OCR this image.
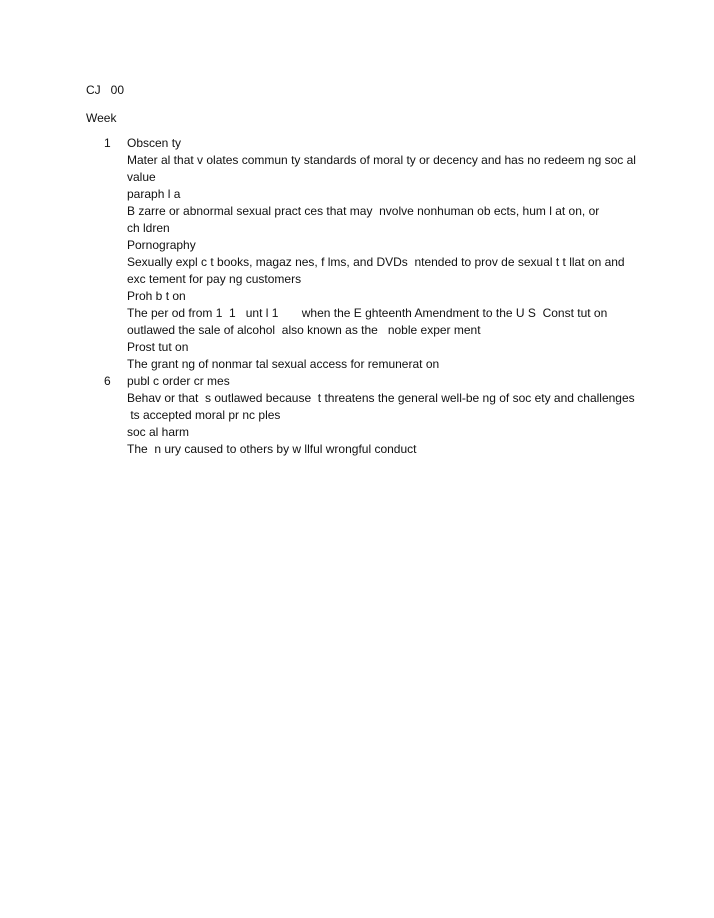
CJ   00
Week
1	Obscen ty
Mater al that v olates commun ty standards of moral ty or decency and has no redeem ng soc al
value
paraph l a
B zarre or abnormal sexual pract ces that may  nvolve nonhuman ob ects, hum l at on, or
ch ldren
Pornography
Sexually expl c t books, magaz nes, f lms, and DVDs  ntended to prov de sexual t t llat on and
exc tement for pay ng customers
Proh b t on
The per od from 1  1   unt l 1       when the E ghteenth Amendment to the U S  Const tut on
outlawed the sale of alcohol  also known as the   noble exper ment
Prost tut on
The grant ng of nonmar tal sexual access for remunerat on
6	publ c order cr mes
Behav or that  s outlawed because  t threatens the general well-be ng of soc ety and challenges
ts accepted moral pr nc ples
soc al harm
The  n ury caused to others by w llful wrongful conduct
